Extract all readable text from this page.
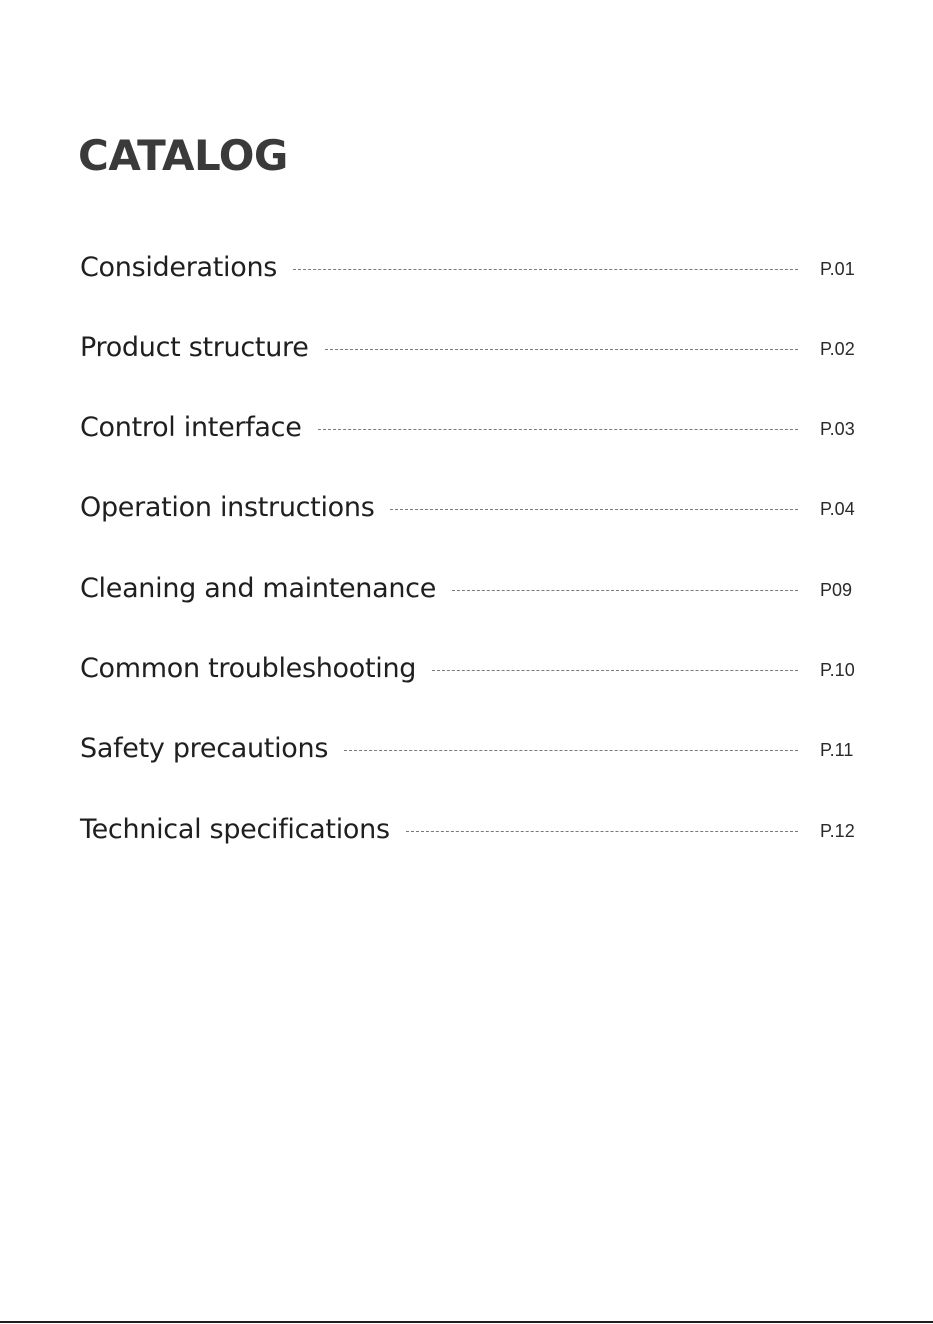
CATALOG
Considerations	P.01
Product structure	P.02
Control interface	P.03
Operation instructions	P.04
Cleaning and maintenance	P09
Common troubleshooting	P.10
Safety precautions	P.11
Technical specifications	P.12
